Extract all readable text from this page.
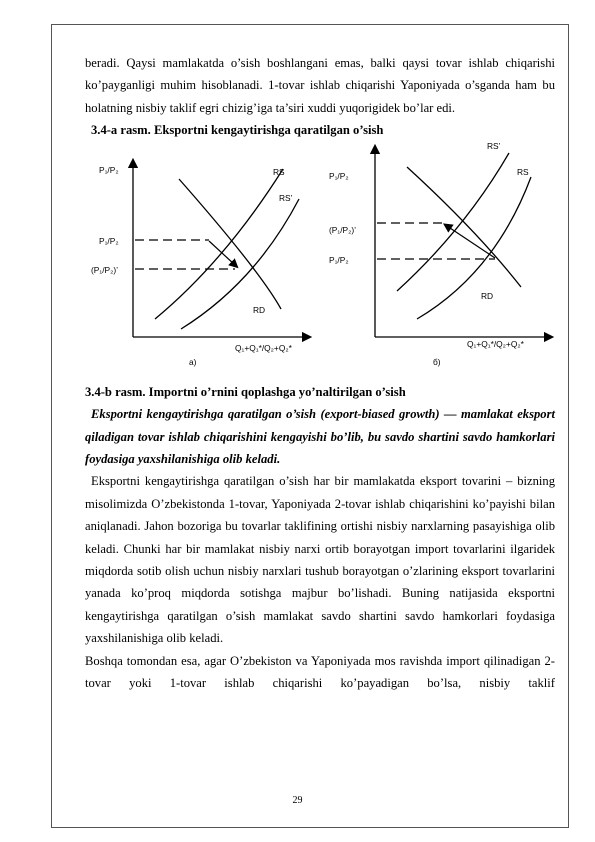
beradi. Qaysi mamlakatda o’sish boshlangani emas, balki qaysi tovar ishlab chiqarishi ko’payganligi muhim hisoblanadi. 1-tovar ishlab chiqarishi Yaponiyada o’sganda ham bu holatning nisbiy taklif egri chizig’iga ta’siri xuddi yuqorigidek bo’lar edi.

3.4-a rasm. Eksportni kengaytirishga qaratilgan o’sish

P₁/P₂
P₁/P₂
(P₁/P₂)’
RS
RS’
RD
Q₁+Q₁*/Q₂+Q₂*
a)
P₁/P₂
(P₁/P₂)’
P₁/P₂
RS’
RS
RD
Q₁+Q₁*/Q₂+Q₂*
б)

3.4-b rasm. Importni o’rnini qoplashga yo’naltirilgan o’sish

Eksportni kengaytirishga qaratilgan o’sish (export-biased growth) — mamlakat eksport qiladigan tovar ishlab chiqarishini kengayishi bo’lib, bu savdo shartini savdo hamkorlari foydasiga yaxshilanishiga olib keladi.

Eksportni kengaytirishga qaratilgan o’sish har bir mamlakatda eksport tovarini – bizning misolimizda O’zbekistonda 1-tovar, Yaponiyada 2-tovar ishlab chiqarishini ko’payishi bilan aniqlanadi. Jahon bozoriga bu tovarlar taklifining ortishi nisbiy narxlarning pasayishiga olib keladi. Chunki har bir mamlakat nisbiy narxi ortib borayotgan import tovarlarini ilgaridek miqdorda sotib olish uchun nisbiy narxlari tushub borayotgan o’zlarining eksport tovarlarini yanada ko’proq miqdorda sotishga majbur bo’lishadi. Buning natijasida eksportni kengaytirishga qaratilgan o’sish mamlakat savdo shartini savdo hamkorlari foydasiga yaxshilanishiga olib keladi.

Boshqa tomondan esa, agar O’zbekiston va Yaponiyada mos ravishda import qilinadigan 2-tovar yoki 1-tovar ishlab chiqarishi ko’payadigan bo’lsa, nisbiy taklif

29
